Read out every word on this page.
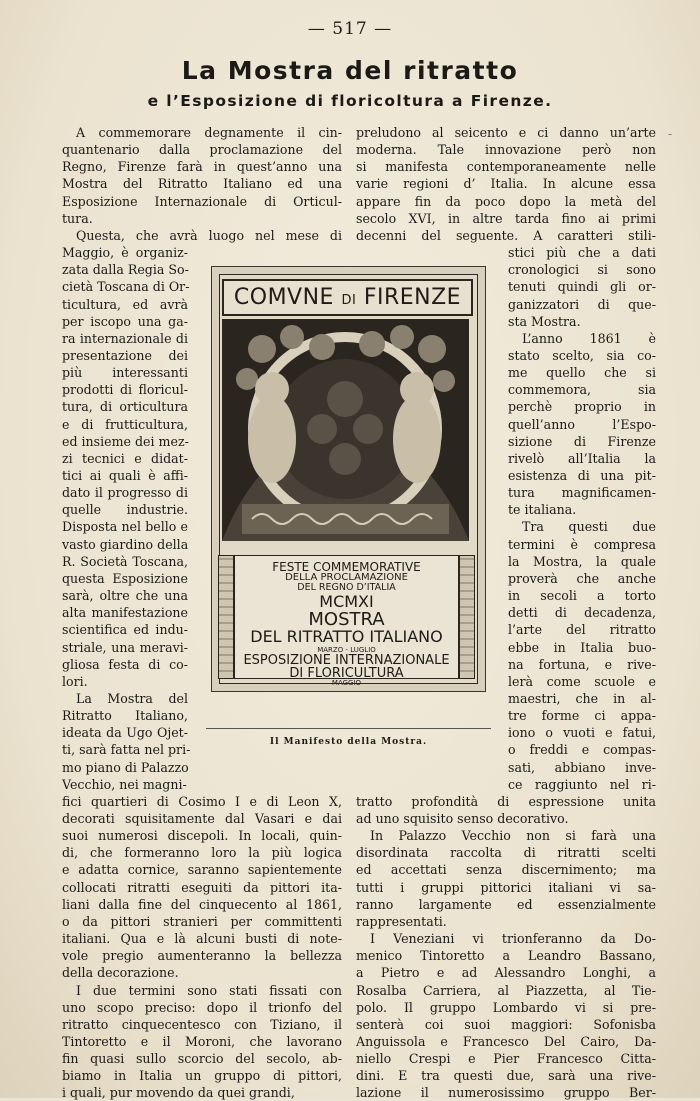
— 517 —
La Mostra del ritratto
e l’Esposizione di floricoltura a Firenze.
A commemorare degnamente il cin-
quantenario dalla proclamazione del
Regno, Firenze farà in quest’anno una
Mostra del Ritratto Italiano ed una
Esposizione Internazionale di Orticul-
tura.
Questa, che avrà luogo nel mese di
Maggio, è organiz-
zata dalla Regia So-
cietà Toscana di Or-
ticultura, ed avrà
per iscopo una ga-
ra internazionale di
presentazione dei
più interessanti
prodotti di floricul-
tura, di orticultura
e di frutticultura,
ed insieme dei mez-
zi tecnici e didat-
tici ai quali è affi-
dato il progresso di
quelle industrie.
Disposta nel bello e
vasto giardino della
R. Società Toscana,
questa Esposizione
sarà, oltre che una
alta manifestazione
scientifica ed indu-
striale, una meravi-
gliosa festa di co-
lori.
La Mostra del
Ritratto Italiano,
ideata da Ugo Ojet-
ti, sarà fatta nel pri-
mo piano di Palazzo
Vecchio, nei magni-
fici quartieri di Cosimo I e di Leon X,
decorati squisitamente dal Vasari e dai
suoi numerosi discepoli. In locali, quin-
di, che formeranno loro la più logica
e adatta cornice, saranno sapientemente
collocati ritratti eseguiti da pittori ita-
liani dalla fine del cinquecento al 1861,
o da pittori stranieri per committenti
italiani. Qua e là alcuni busti di note-
vole pregio aumenteranno la bellezza
della decorazione.
I due termini sono stati fissati con
uno scopo preciso: dopo il trionfo del
ritratto cinquecentesco con Tiziano, il
Tintoretto e il Moroni, che lavorano
fin quasi sullo scorcio del secolo, ab-
biamo in Italia un gruppo di pittori,
i quali, pur movendo da quei grandi,
preludono al seicento e ci danno un’arte
moderna. Tale innovazione però non
si manifesta contemporaneamente nelle
varie regioni d’ Italia. In alcune essa
appare fin da poco dopo la metà del
secolo XVI, in altre tarda fino ai primi
decenni del seguente. A caratteri stili-
stici più che a dati
cronologici si sono
tenuti quindi gli or-
ganizzatori di que-
sta Mostra.
L’anno 1861 è
stato scelto, sia co-
me quello che si
commemora, sia
perchè proprio in
quell’anno l’Espo-
sizione di Firenze
rivelò all’Italia la
esistenza di una pit-
tura magnificamen-
te italiana.
Tra questi due
termini è compresa
la Mostra, la quale
proverà che anche
in secoli a torto
detti di decadenza,
l’arte del ritratto
ebbe in Italia buo-
na fortuna, e rive-
lerà come scuole e
maestri, che in al-
tre forme ci appa-
iono o vuoti e fatui,
o freddi e compas-
sati, abbiano inve-
ce raggiunto nel ri-
tratto profondità di espressione unita
ad uno squisito senso decorativo.
In Palazzo Vecchio non si farà una
disordinata raccolta di ritratti scelti
ed accettati senza discernimento; ma
tutti i gruppi pittorici italiani vi sa-
ranno largamente ed essenzialmente
rappresentati.
I Veneziani vi trionferanno da Do-
menico Tintoretto a Leandro Bassano,
a Pietro e ad Alessandro Longhi, a
Rosalba Carriera, al Piazzetta, al Tie-
polo. Il gruppo Lombardo vi si pre-
senterà coi suoi maggiori: Sofonisba
Anguissola e Francesco Del Cairo, Da-
niello Crespi e Pier Francesco Citta-
dini. E tra questi due, sarà una rive-
lazione il numerosissimo gruppo Ber-
COMVNE DI FIRENZE
FESTE COMMEMORATIVE
DELLA PROCLAMAZIONE
DEL REGNO D’ITALIA
MCMXI
MOSTRA
DEL RITRATTO ITALIANO
MARZO - LUGLIO
ESPOSIZIONE INTERNAZIONALE
DI FLORICULTURA
MAGGIO
Il Manifesto della Mostra.
-
